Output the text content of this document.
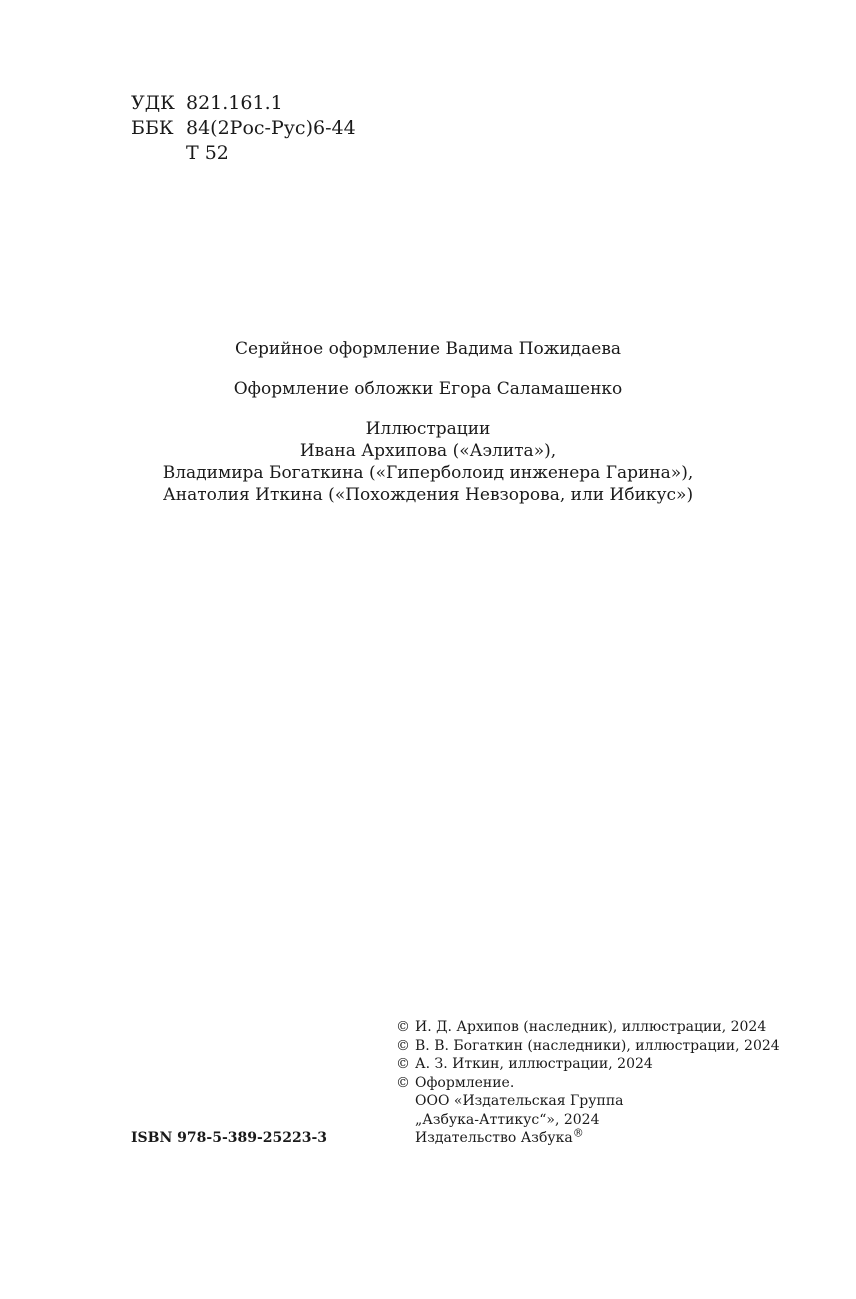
УДК 821.161.1
ББК 84(2Рос-Рус)6-44
Т 52
Серийное оформление Вадима Пожидаева
Оформление обложки Егора Саламашенко
Иллюстрации
Ивана Архипова («Аэлита»),
Владимира Богаткина («Гиперболоид инженера Гарина»),
Анатолия Иткина («Похождения Невзорова, или Ибикус»)
© И. Д. Архипов (наследник), иллюстрации, 2024
© В. В. Богаткин (наследники), иллюстрации, 2024
© А. З. Иткин, иллюстрации, 2024
© Оформление.
ООО «Издательская Группа
„Азбука-Аттикус“», 2024
Издательство Азбука®
ISBN 978-5-389-25223-3
